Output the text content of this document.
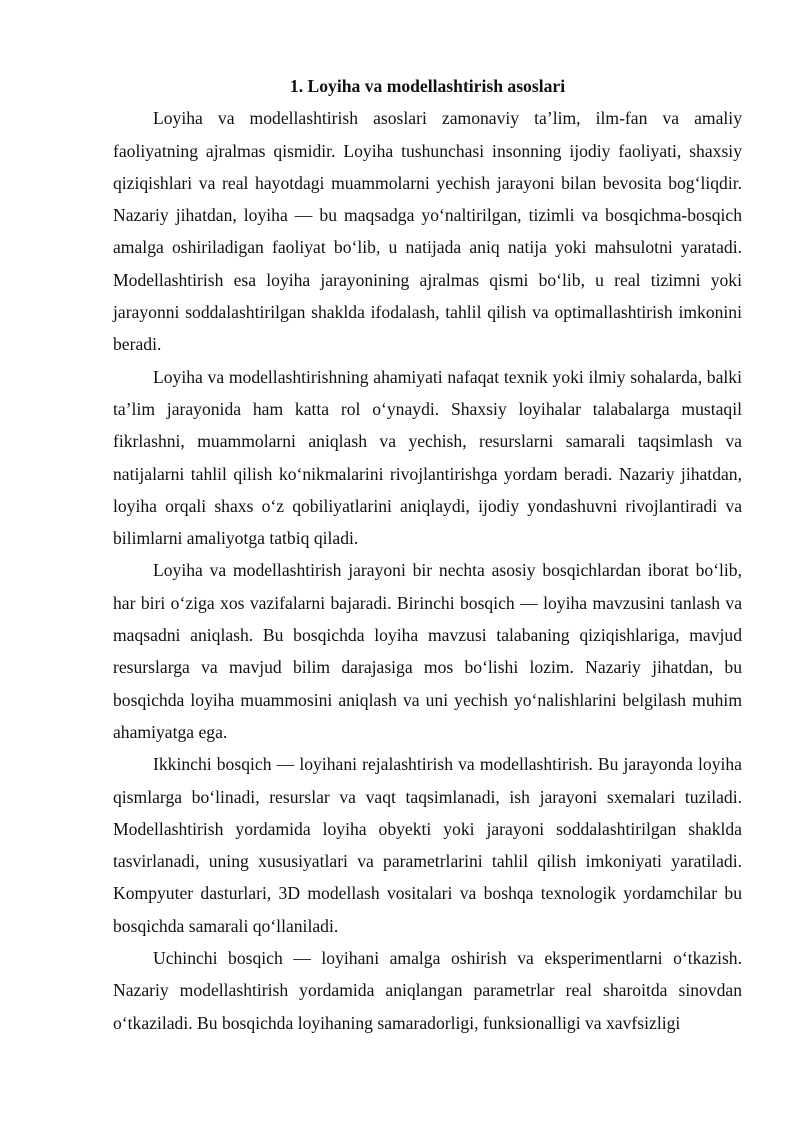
1. Loyiha va modellashtirish asoslari

Loyiha va modellashtirish asoslari zamonaviy ta’lim, ilm-fan va amaliy faoliyatning ajralmas qismidir. Loyiha tushunchasi insonning ijodiy faoliyati, shaxsiy qiziqishlari va real hayotdagi muammolarni yechish jarayoni bilan bevosita bog‘liqdir. Nazariy jihatdan, loyiha — bu maqsadga yo‘naltirilgan, tizimli va bosqichma-bosqich amalga oshiriladigan faoliyat bo‘lib, u natijada aniq natija yoki mahsulotni yaratadi. Modellashtirish esa loyiha jarayonining ajralmas qismi bo‘lib, u real tizimni yoki jarayonni soddalashtirilgan shaklda ifodalash, tahlil qilish va optimallashtirish imkonini beradi.

Loyiha va modellashtirishning ahamiyati nafaqat texnik yoki ilmiy sohalarda, balki ta’lim jarayonida ham katta rol o‘ynaydi. Shaxsiy loyihalar talabalarga mustaqil fikrlashni, muammolarni aniqlash va yechish, resurslarni samarali taqsimlash va natijalarni tahlil qilish ko‘nikmalarini rivojlantirishga yordam beradi. Nazariy jihatdan, loyiha orqali shaxs o‘z qobiliyatlarini aniqlaydi, ijodiy yondashuvni rivojlantiradi va bilimlarni amaliyotga tatbiq qiladi.

Loyiha va modellashtirish jarayoni bir nechta asosiy bosqichlardan iborat bo‘lib, har biri o‘ziga xos vazifalarni bajaradi. Birinchi bosqich — loyiha mavzusini tanlash va maqsadni aniqlash. Bu bosqichda loyiha mavzusi talabaning qiziqishlariga, mavjud resurslarga va mavjud bilim darajasiga mos bo‘lishi lozim. Nazariy jihatdan, bu bosqichda loyiha muammosini aniqlash va uni yechish yo‘nalishlarini belgilash muhim ahamiyatga ega.

Ikkinchi bosqich — loyihani rejalashtirish va modellashtirish. Bu jarayonda loyiha qismlarga bo‘linadi, resurslar va vaqt taqsimlanadi, ish jarayoni sxemalari tuziladi. Modellashtirish yordamida loyiha obyekti yoki jarayoni soddalashtirilgan shaklda tasvirlanadi, uning xususiyatlari va parametrlarini tahlil qilish imkoniyati yaratiladi. Kompyuter dasturlari, 3D modellash vositalari va boshqa texnologik yordamchilar bu bosqichda samarali qo‘llaniladi.

Uchinchi bosqich — loyihani amalga oshirish va eksperimentlarni o‘tkazish. Nazariy modellashtirish yordamida aniqlangan parametrlar real sharoitda sinovdan o‘tkaziladi. Bu bosqichda loyihaning samaradorligi, funksionalligi va xavfsizligi
